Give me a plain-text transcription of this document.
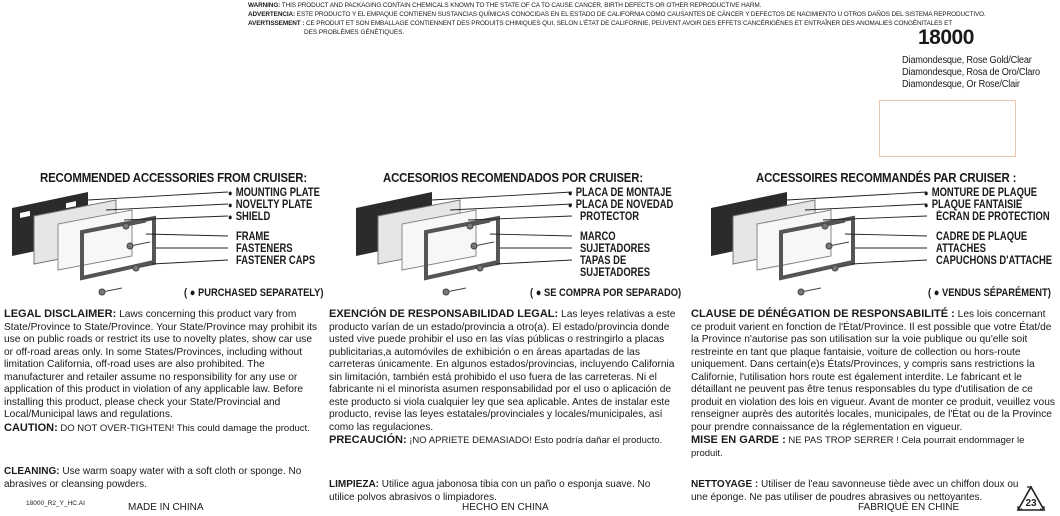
WARNING: THIS PRODUCT AND PACKAGING CONTAIN CHEMICALS KNOWN TO THE STATE OF CA TO CAUSE CANCER, BIRTH DEFECTS OR OTHER REPRODUCTIVE HARM.
ADVERTENCIA: ESTE PRODUCTO Y EL EMPAQUE CONTIENEN SUSTANCIAS QUÍMICAS CONOCIDAS EN EL ESTADO DE CALIFORNIA COMO CAUSANTES DE CÁNCER Y DEFECTOS DE NACIMIENTO U OTROS DAÑOS DEL SISTEMA REPRODUCTIVO.
AVERTISSEMENT : CE PRODUIT ET SON EMBALLAGE CONTIENNENT DES PRODUITS CHIMIQUES QUI, SELON L'ÉTAT DE CALIFORNIE, PEUVENT AVOIR DES EFFETS CANCÉRIGÈNES ET ENTRAÎNER DES ANOMALIES CONGÉNITALES ET
DES PROBLÈMES GÉNÉTIQUES.	18000
Diamondesque, Rose Gold/Clear
Diamondesque, Rosa de Oro/Claro
Diamondesque, Or Rose/Clair
RECOMMENDED ACCESSORIES FROM CRUISER:
● MOUNTING PLATE
● NOVELTY PLATE
● SHIELD
FRAME
FASTENERS
FASTENER CAPS
( ● PURCHASED SEPARATELY)

LEGAL DISCLAIMER: Laws concerning this product vary from State/Province to State/Province. Your State/Province may prohibit its use on public roads or restrict its use to novelty plates, show car use or off-road areas only. In some States/Provinces, including without limitation California, off-road uses are also prohibited. The manufacturer and retailer assume no responsibility for any use or application of this product in violation of any applicable law. Before installing this product, please check your State/Provincial and Local/Municipal laws and regulations.

CAUTION: DO NOT OVER-TIGHTEN! This could damage the product.

CLEANING: Use warm soapy water with a soft cloth or sponge. No abrasives or cleansing powders.
18000_R2_Y_HC.AI	MADE IN CHINA
ACCESORIOS RECOMENDADOS POR CRUISER:
● PLACA DE MONTAJE
● PLACA DE NOVEDAD
PROTECTOR
MARCO
SUJETADORES
TAPAS DE
SUJETADORES
( ● SE COMPRA POR SEPARADO)

EXENCIÓN DE RESPONSABILIDAD LEGAL: Las leyes relativas a este producto varían de un estado/provincia a otro(a). El estado/provincia donde usted vive puede prohibir el uso en las vías públicas o restringirlo a placas publicitarias,a automóviles de exhibición o en áreas apartadas de las carreteras únicamente. En algunos estados/provincias, incluyendo California sin limitación, también está prohibido el uso fuera de las carreteras. Ni el fabricante ni el minorista asumen responsabilidad por el uso o aplicación de este producto si viola cualquier ley que sea aplicable. Antes de instalar este producto, revise las leyes estatales/provinciales y locales/municipales, así como las regulaciones.

PRECAUCIÓN: ¡NO APRIETE DEMASIADO! Esto podría dañar el producto.

LIMPIEZA: Utilice agua jabonosa tibia con un paño o esponja suave. No utilice polvos abrasivos o limpiadores.
HECHO EN CHINA
ACCESSOIRES RECOMMANDÉS PAR CRUISER :
● MONTURE DE PLAQUE
● PLAQUE FANTAISIE
ÉCRAN DE PROTECTION
CADRE DE PLAQUE
ATTACHES
CAPUCHONS D'ATTACHE
( ● VENDUS SÉPARÉMENT)

CLAUSE DE DÉNÉGATION DE RESPONSABILITÉ : Les lois concernant ce produit varient en fonction de l'État/Province. Il est possible que votre État/de la Province n'autorise pas son utilisation sur la voie publique ou qu'elle soit restreinte en tant que plaque fantaisie, voiture de collection ou hors-route uniquement. Dans certain(e)s États/Provinces, y compris sans restrictions la Californie, l'utilisation hors route est également interdite. Le fabricant et le détaillant ne peuvent pas être tenus responsables du type d'utilisation de ce produit en violation des lois en vigueur. Avant de monter ce produit, veuillez vous renseigner auprès des autorités locales, municipales, de l'État ou de la Province pour prendre connaissance de la réglementation en vigueur.

MISE EN GARDE : NE PAS TROP SERRER ! Cela pourrait endommager le produit.

NETTOYAGE : Utiliser de l'eau savonneuse tiède avec un chiffon doux ou une éponge. Ne pas utiliser de poudres abrasives ou nettoyantes.
FABRIQUÉ EN CHINE	23
